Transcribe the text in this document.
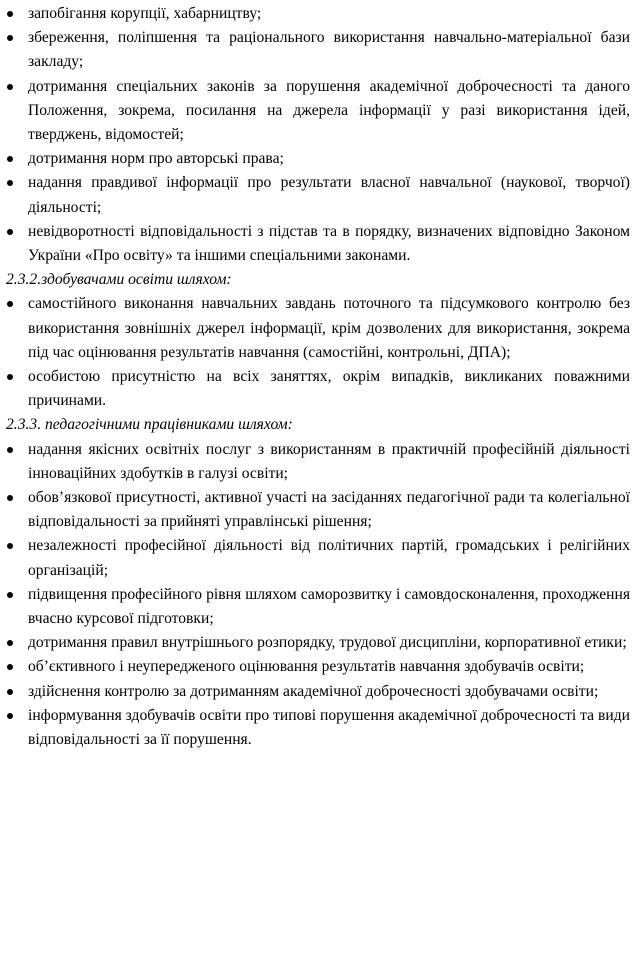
запобігання корупції, хабарництву;
збереження, поліпшення та раціонального використання навчально-матеріальної бази закладу;
дотримання спеціальних законів за порушення академічної доброчесності та даного Положення, зокрема, посилання на джерела інформації у разі використання ідей, тверджень, відомостей;
дотримання норм про авторські права;
надання правдивої інформації про результати власної навчальної (наукової, творчої) діяльності;
невідворотності відповідальності з підстав та в порядку, визначених відповідно Законом України «Про освіту» та іншими спеціальними законами.

2.3.2.здобувачами освіти шляхом:

самостійного виконання навчальних завдань поточного та підсумкового контролю без використання зовнішніх джерел інформації, крім дозволених для використання, зокрема під час оцінювання результатів навчання (самостійні, контрольні, ДПА);
особистою присутністю на всіх заняттях, окрім випадків, викликаних поважними причинами.

2.3.3. педагогічними працівниками шляхом:

надання якісних освітніх послуг з використанням в практичній професійній діяльності інноваційних здобутків в галузі освіти;
обов’язкової присутності, активної участі на засіданнях педагогічної ради та колегіальної відповідальності за прийняті управлінські рішення;
незалежності професійної діяльності від політичних партій, громадських і релігійних організацій;
підвищення професійного рівня шляхом саморозвитку і самовдосконалення, проходження вчасно курсової підготовки;
дотримання правил внутрішнього розпорядку, трудової дисципліни, корпоративної етики;
об’єктивного і неупередженого оцінювання результатів навчання здобувачів освіти;
здійснення контролю за дотриманням академічної доброчесності здобувачами освіти;
інформування здобувачів освіти про типові порушення академічної доброчесності та види відповідальності за її порушення.
